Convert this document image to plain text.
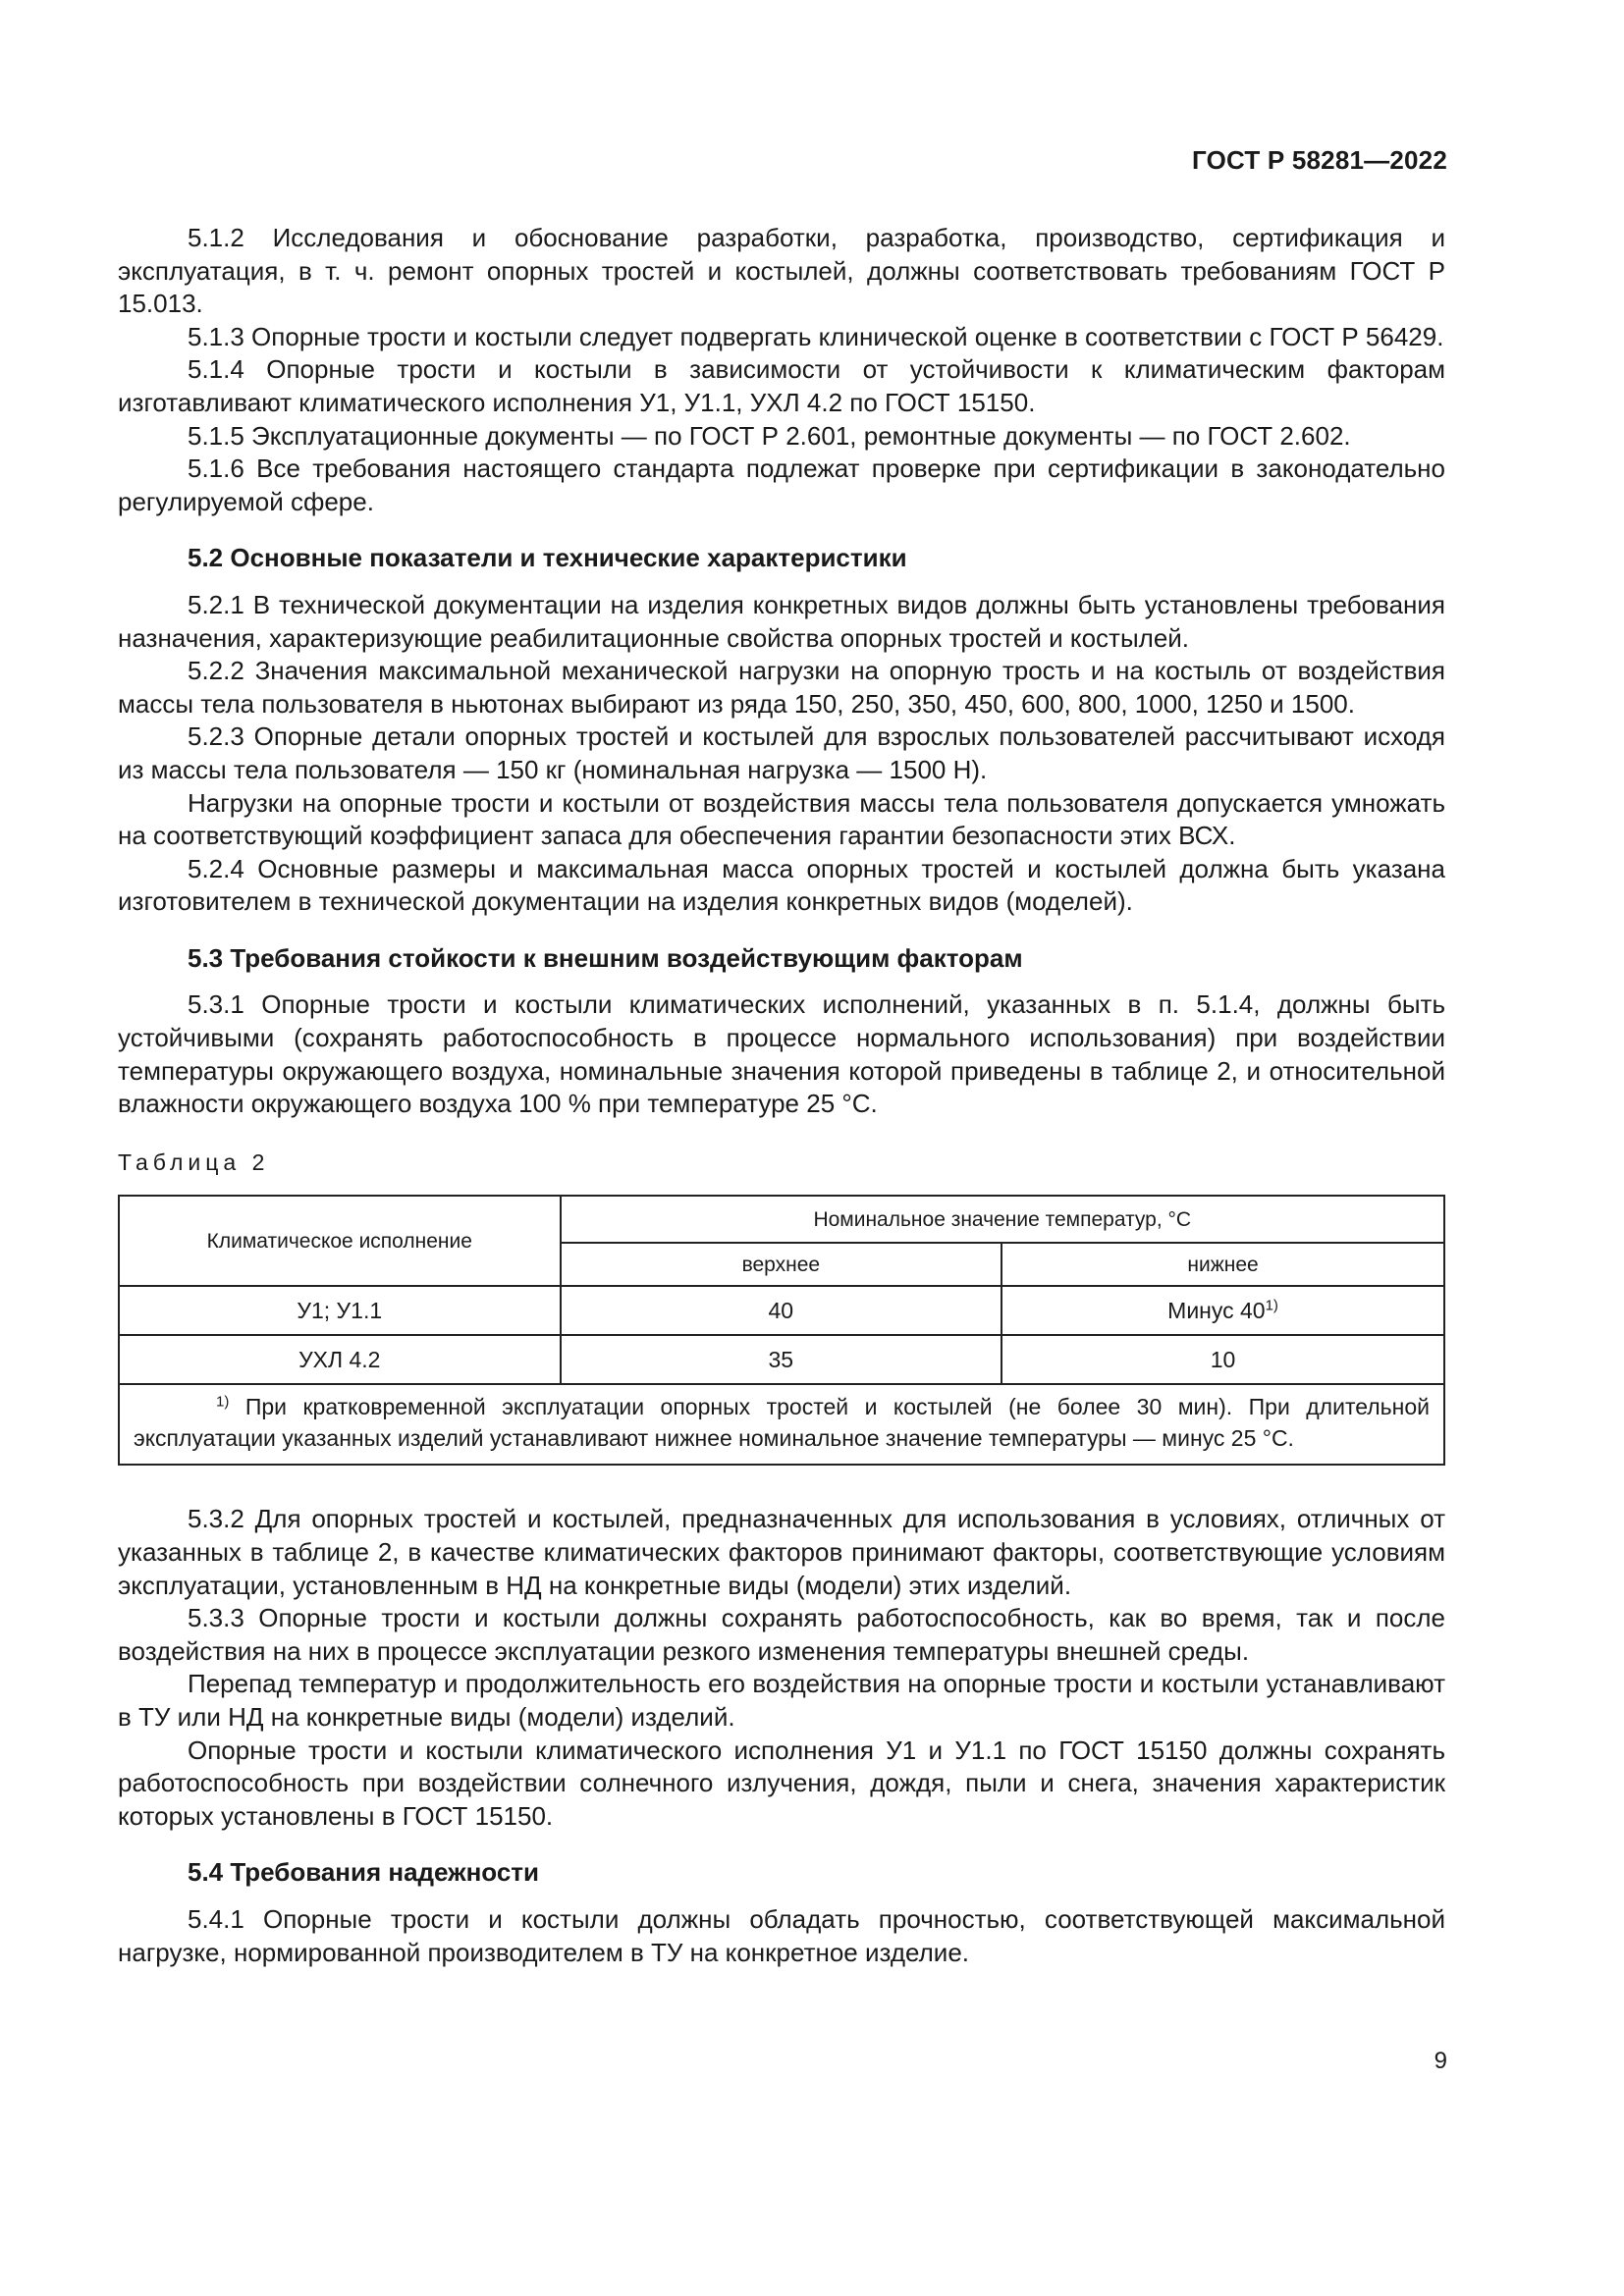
ГОСТ Р 58281—2022

5.1.2 Исследования и обоснование разработки, разработка, производство, сертификация и эксплуатация, в т. ч. ремонт опорных тростей и костылей, должны соответствовать требованиям ГОСТ Р 15.013.

5.1.3 Опорные трости и костыли следует подвергать клинической оценке в соответствии с ГОСТ Р 56429.

5.1.4 Опорные трости и костыли в зависимости от устойчивости к климатическим факторам изготавливают климатического исполнения У1, У1.1, УХЛ 4.2 по ГОСТ 15150.

5.1.5 Эксплуатационные документы — по ГОСТ Р 2.601, ремонтные документы — по ГОСТ 2.602.

5.1.6 Все требования настоящего стандарта подлежат проверке при сертификации в законодательно регулируемой сфере.

5.2 Основные показатели и технические характеристики

5.2.1 В технической документации на изделия конкретных видов должны быть установлены требования назначения, характеризующие реабилитационные свойства опорных тростей и костылей.

5.2.2 Значения максимальной механической нагрузки на опорную трость и на костыль от воздействия массы тела пользователя в ньютонах выбирают из ряда 150, 250, 350, 450, 600, 800, 1000, 1250 и 1500.

5.2.3 Опорные детали опорных тростей и костылей для взрослых пользователей рассчитывают исходя из массы тела пользователя — 150 кг (номинальная нагрузка — 1500 Н).

Нагрузки на опорные трости и костыли от воздействия массы тела пользователя допускается умножать на соответствующий коэффициент запаса для обеспечения гарантии безопасности этих ВСХ.

5.2.4 Основные размеры и максимальная масса опорных тростей и костылей должна быть указана изготовителем в технической документации на изделия конкретных видов (моделей).

5.3 Требования стойкости к внешним воздействующим факторам

5.3.1 Опорные трости и костыли климатических исполнений, указанных в п. 5.1.4, должны быть устойчивыми (сохранять работоспособность в процессе нормального использования) при воздействии температуры окружающего воздуха, номинальные значения которой приведены в таблице 2, и относительной влажности окружающего воздуха 100 % при температуре 25 °C.

Таблица 2
Климатическое исполнение	Номинальное значение температур, °C	
	верхнее	нижнее
У1; У1.1	40	Минус 40$^{1)}$
УХЛ 4.2	35	10
$^{1)}$ При кратковременной эксплуатации опорных тростей и костылей (не более 30 мин). При длительной эксплуатации указанных изделий устанавливают нижнее номинальное значение температуры — минус 25 °C.		

5.3.2 Для опорных тростей и костылей, предназначенных для использования в условиях, отличных от указанных в таблице 2, в качестве климатических факторов принимают факторы, соответствующие условиям эксплуатации, установленным в НД на конкретные виды (модели) этих изделий.

5.3.3 Опорные трости и костыли должны сохранять работоспособность, как во время, так и после воздействия на них в процессе эксплуатации резкого изменения температуры внешней среды.

Перепад температур и продолжительность его воздействия на опорные трости и костыли устанавливают в ТУ или НД на конкретные виды (модели) изделий.

Опорные трости и костыли климатического исполнения У1 и У1.1 по ГОСТ 15150 должны сохранять работоспособность при воздействии солнечного излучения, дождя, пыли и снега, значения характеристик которых установлены в ГОСТ 15150.

5.4 Требования надежности

5.4.1 Опорные трости и костыли должны обладать прочностью, соответствующей максимальной нагрузке, нормированной производителем в ТУ на конкретное изделие.

9
